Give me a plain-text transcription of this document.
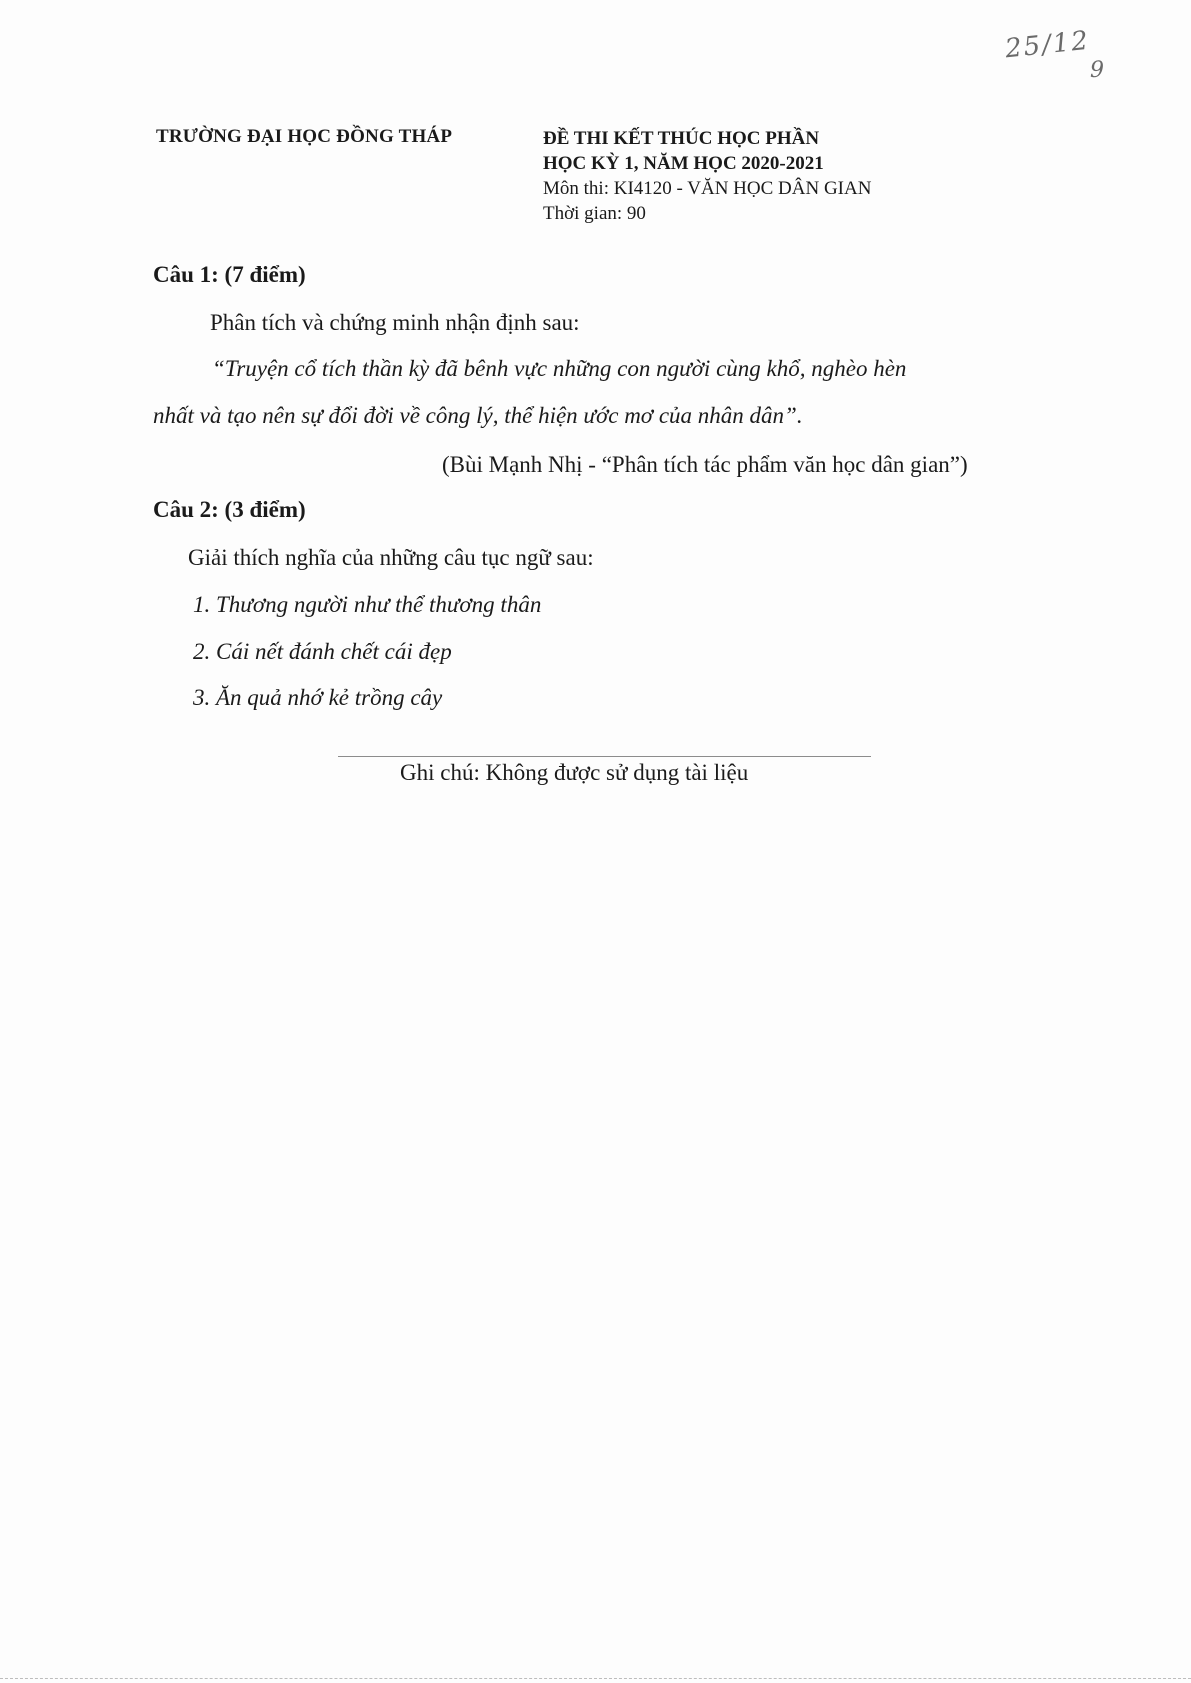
25/12
9
TRƯỜNG ĐẠI HỌC ĐỒNG THÁP	ĐỀ THI KẾT THÚC HỌC PHẦN
HỌC KỲ 1, NĂM HỌC 2020-2021
Môn thi: KI4120 - VĂN HỌC DÂN GIAN
Thời gian: 90
Câu 1: (7 điểm)
Phân tích và chứng minh nhận định sau:
“Truyện cổ tích thần kỳ đã bênh vực những con người cùng khổ, nghèo hèn
nhất và tạo nên sự đổi đời về công lý, thể hiện ước mơ của nhân dân”.
(Bùi Mạnh Nhị - “Phân tích tác phẩm văn học dân gian”)
Câu 2: (3 điểm)
Giải thích nghĩa của những câu tục ngữ sau:
1. Thương người như thể thương thân
2. Cái nết đánh chết cái đẹp
3. Ăn quả nhớ kẻ trồng cây
Ghi chú: Không được sử dụng tài liệu
